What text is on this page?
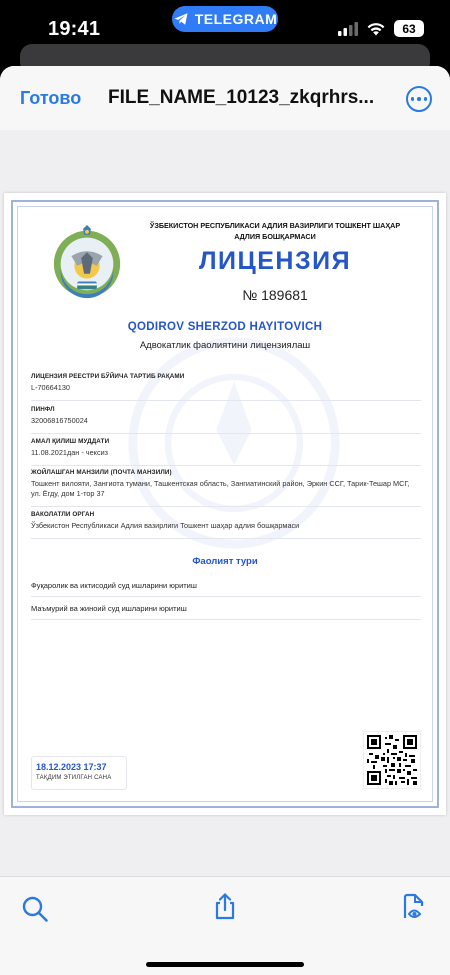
19:41	TELEGRAM
63
Готово FILE_NAME_10123_zkqrhrs...
ЎЗБЕКИСТОН РЕСПУБЛИКАСИ АДЛИЯ ВАЗИРЛИГИ ТОШКЕНТ ШАҲАР АДЛИЯ БОШҚАРМАСИ
ЛИЦЕНЗИЯ
№ 189681
QODIROV SHERZOD HAYITOVICH
Адвокатлик фаолиятини лицензиялаш
ЛИЦЕНЗИЯ РЕЕСТРИ БЎЙИЧА ТАРТИБ РАҚАМИ
L-70664130
ПИНФЛ
32006816750024
АМАЛ ҚИЛИШ МУДДАТИ
11.08.2021дан - чексиз
ЖОЙЛАШГАН МАНЗИЛИ (ПОЧТА МАНЗИЛИ)
Тошкент вилояти, Зангиота тумани, Ташкентская область, Зангиатинский район, Эркин ССГ, Тарик-Тешар МСГ, ул. Ёгду, дом 1-тор 37
ВАКОЛАТЛИ ОРГАН
Ўзбекистон Республикаси Адлия вазирлиги Тошкент шаҳар адлия бошқармаси
Фаолият тури
Фуқаролик ва иктисодий суд ишларини юритиш
Маъмурий ва жиноий суд ишларини юритиш
18.12.2023 17:37
ТАҚДИМ ЭТИЛГАН САНА
